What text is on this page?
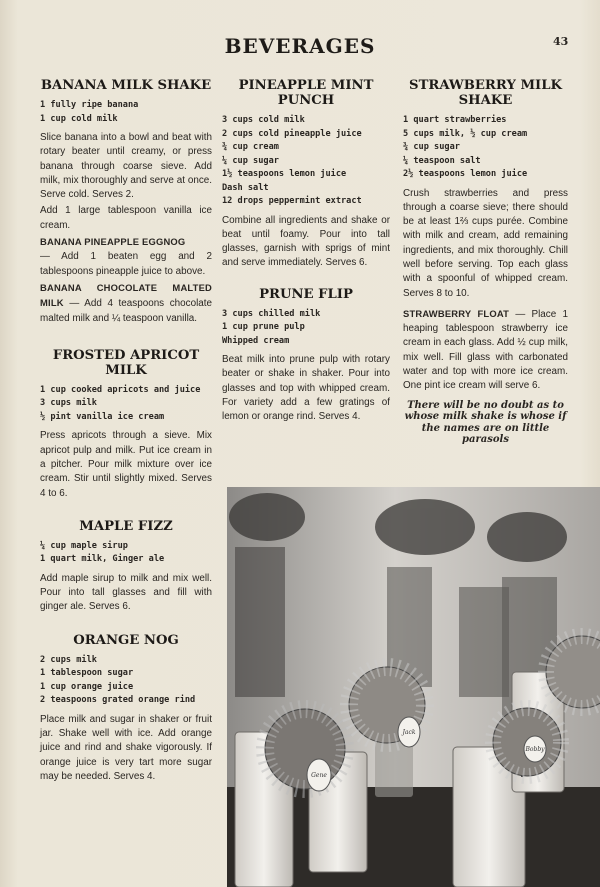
BEVERAGES	43
BANANA MILK SHAKE
1 fully ripe banana
1 cup cold milk

Slice banana into a bowl and beat with rotary beater until creamy, or press banana through coarse sieve. Add milk, mix thoroughly and serve at once. Serve cold. Serves 2.

Add 1 large tablespoon vanilla ice cream.

BANANA PINEAPPLE EGGNOG
— Add 1 beaten egg and 2 tablespoons pineapple juice to above.

BANANA CHOCOLATE MALTED MILK — Add 4 teaspoons chocolate malted milk and ¼ teaspoon vanilla.

FROSTED APRICOT MILK
1 cup cooked apricots and juice
3 cups milk
½ pint vanilla ice cream

Press apricots through a sieve. Mix apricot pulp and milk. Put ice cream in a pitcher. Pour milk mixture over ice cream. Stir until slightly mixed. Serves 4 to 6.

MAPLE FIZZ
¼ cup maple sirup
1 quart milk, Ginger ale

Add maple sirup to milk and mix well. Pour into tall glasses and fill with ginger ale. Serves 6.

ORANGE NOG
2 cups milk
1 tablespoon sugar
1 cup orange juice
2 teaspoons grated orange rind

Place milk and sugar in shaker or fruit jar. Shake well with ice. Add orange juice and rind and shake vigorously. If orange juice is very tart more sugar may be needed. Serves 4.

PINEAPPLE MINT PUNCH
3 cups cold milk
2 cups cold pineapple juice
¾ cup cream
¼ cup sugar
1½ teaspoons lemon juice
Dash salt
12 drops peppermint extract

Combine all ingredients and shake or beat until foamy. Pour into tall glasses, garnish with sprigs of mint and serve immediately. Serves 6.

PRUNE FLIP
3 cups chilled milk
1 cup prune pulp
Whipped cream

Beat milk into prune pulp with rotary beater or shake in shaker. Pour into glasses and top with whipped cream. For variety add a few gratings of lemon or orange rind. Serves 4.

STRAWBERRY MILK SHAKE
1 quart strawberries
5 cups milk, ½ cup cream
¾ cup sugar
¼ teaspoon salt
2½ teaspoons lemon juice

Crush strawberries and press through a coarse sieve; there should be at least 1⅔ cups purée. Combine with milk and cream, add remaining ingredients, and mix thoroughly. Chill well before serving. Top each glass with a spoonful of whipped cream. Serves 8 to 10.

STRAWBERRY FLOAT — Place 1 heaping tablespoon strawberry ice cream in each glass. Add ½ cup milk, mix well. Fill glass with carbonated water and top with more ice cream. One pint ice cream will serve 6.

There will be no doubt as to whose milk shake is whose if the names are on little parasols
Gene
Jack
Bobby
